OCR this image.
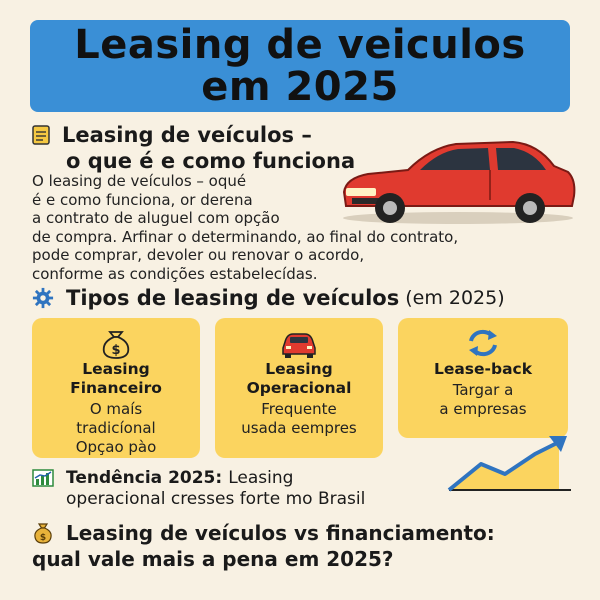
Leasing de veiculos
em 2025
Leasing de veículos –
o que é e como funciona
O leasing de veículos – oqué
é e como funciona, or derena
a contrato de aluguel com opção
de compra. Arfinar o determinando, ao final do contrato,
pode comprar, devoler ou renovar o acordo,
conforme as condições estabelecídas.
Tipos de leasing de veículos (em 2025)
$
Leasing
Financeiro
O maís
tradicíonal
Opçao pào
Leasing
Operacional
Frequente
usada eempres
Lease-back
Targar a
a empresas
Tendência 2025: Leasing
operacional cresses forte mo Brasil
$ Leasing de veículos vs financiamento:
qual vale mais a pena em 2025?
